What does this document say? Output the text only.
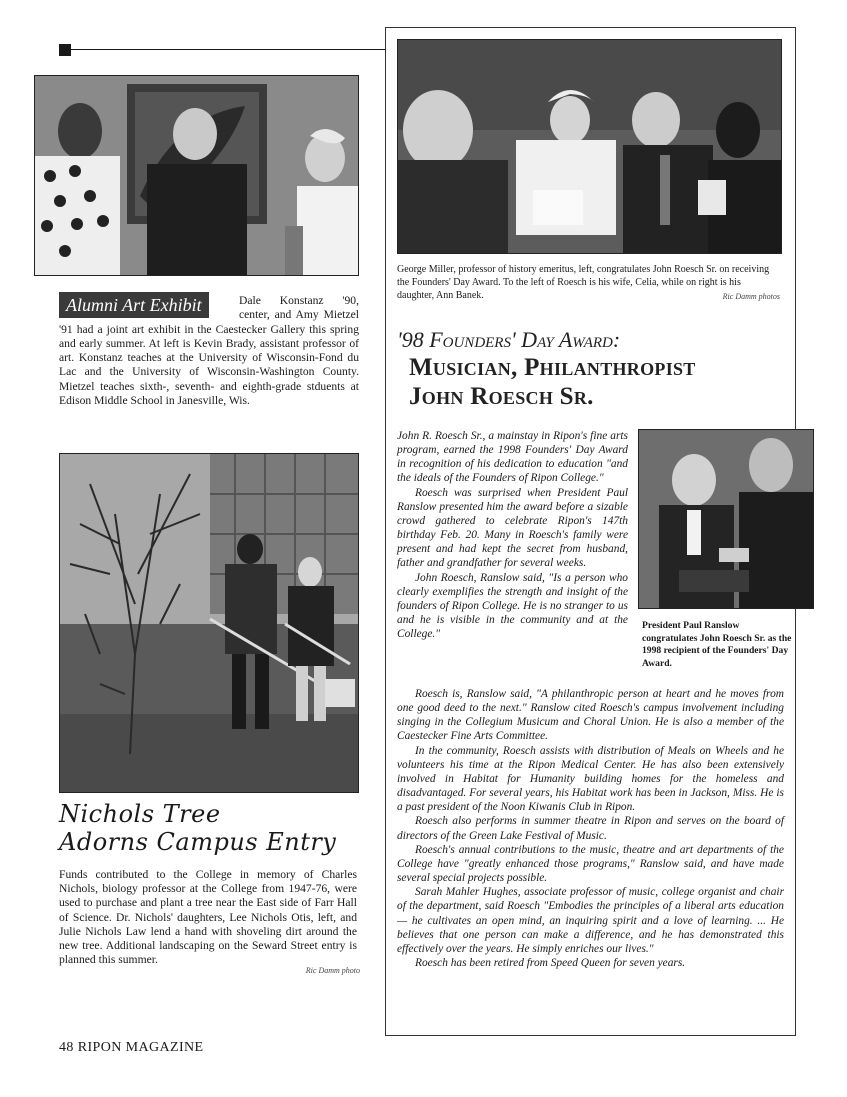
Alumni Art Exhibit	Dale Konstanz '90, center, and Amy Mietzel '91 had a joint art exhibit in the Caestecker Gallery this spring and early summer. At left is Kevin Brady, assistant professor of art. Konstanz teaches at the University of Wisconsin-Fond du Lac and the University of Wisconsin-Washington County. Mietzel teaches sixth-, seventh- and eighth-grade stduents at Edison Middle School in Janesville, Wis.
Nichols Tree
Adorns Campus Entry
Funds contributed to the College in memory of Charles Nichols, biology professor at the College from 1947-76, were used to purchase and plant a tree near the East side of Farr Hall of Science. Dr. Nichols' daughters, Lee Nichols Otis, left, and Julie Nichols Law lend a hand with shoveling dirt around the new tree. Additional landscaping on the Seward Street entry is planned this summer.
Ric Damm photo
George Miller, professor of history emeritus, left, congratulates John Roesch Sr. on receiving the Founders' Day Award. To the left of Roesch is his wife, Celia, while on right is his daughter, Ann Banek.	Ric Damm photos
'98 Founders' Day Award:
Musician, Philanthropist
John Roesch Sr.

John R. Roesch Sr., a mainstay in Ripon's fine arts program, earned the 1998 Founders' Day Award in recognition of his dedication to education "and the ideals of the Founders of Ripon College."

Roesch was surprised when President Paul Ranslow presented him the award before a sizable crowd gathered to celebrate Ripon's 147th birthday Feb. 20. Many in Roesch's family were present and had kept the secret from husband, father and grandfather for several weeks.

John Roesch, Ranslow said, "Is a person who clearly exemplifies the strength and insight of the founders of Ripon College. He is no stranger to us and he is visible in the community and at the College."

President Paul Ranslow congratulates John Roesch Sr. as the 1998 recipient of the Founders' Day Award.

Roesch is, Ranslow said, "A philanthropic person at heart and he moves from one good deed to the next." Ranslow cited Roesch's campus involvement including singing in the Collegium Musicum and Choral Union. He is also a member of the Caestecker Fine Arts Committee.

In the community, Roesch assists with distribution of Meals on Wheels and he volunteers his time at the Ripon Medical Center. He has also been extensively involved in Habitat for Humanity building homes for the homeless and disadvantaged. For several years, his Habitat work has been in Jackson, Miss. He is a past president of the Noon Kiwanis Club in Ripon.

Roesch also performs in summer theatre in Ripon and serves on the board of directors of the Green Lake Festival of Music.

Roesch's annual contributions to the music, theatre and art departments of the College have "greatly enhanced those programs," Ranslow said, and have made several special projects possible.

Sarah Mahler Hughes, associate professor of music, college organist and chair of the department, said Roesch "Embodies the principles of a liberal arts education — he cultivates an open mind, an inquiring spirit and a love of learning. ... He believes that one person can make a difference, and he has demonstrated this effectively over the years. He simply enriches our lives."

Roesch has been retired from Speed Queen for seven years.

48 RIPON MAGAZINE
